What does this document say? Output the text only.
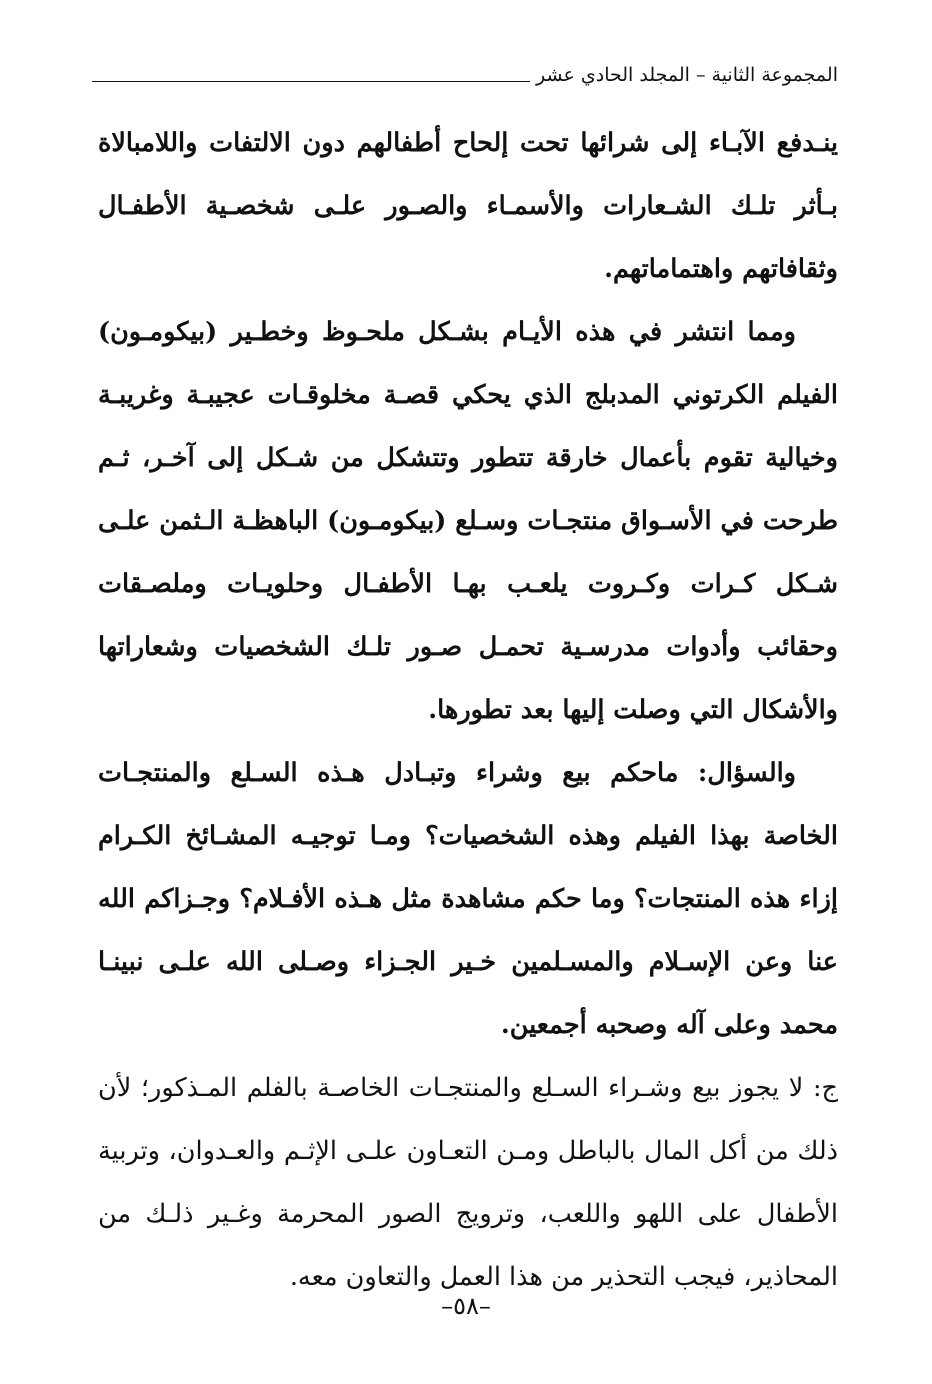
المجموعة الثانية – المجلد الحادي عشر

ينـدفع الآبـاء إلى شرائها تحت إلحاح أطفالهم دون الالتفات واللامبالاة بـأثر تلـك الشـعارات والأسمـاء والصـور علـى شخصـية الأطفـال وثقافاتهم واهتماماتهم.

ومما انتشر في هذه الأيـام بشـكل ملحـوظ وخطـير (بيكومـون) الفيلم الكرتوني المدبلج الذي يحكي قصـة مخلوقـات عجيبـة وغريبـة وخيالية تقوم بأعمال خارقة تتطور وتتشكل من شـكل إلى آخـر، ثـم طرحت في الأسـواق منتجـات وسـلع (بيكومـون) الباهظـة الـثمن علـى شـكل كـرات وكـروت يلعـب بهـا الأطفـال وحلويـات وملصـقات وحقائب وأدوات مدرسـية تحمـل صـور تلـك الشخصيات وشعاراتها والأشكال التي وصلت إليها بعد تطورها.

والسؤال: ماحكم بيع وشراء وتبـادل هـذه السـلع والمنتجـات الخاصة بهذا الفيلم وهذه الشخصيات؟ ومـا توجيـه المشـائخ الكـرام إزاء هذه المنتجات؟ وما حكم مشاهدة مثل هـذه الأفـلام؟ وجـزاكم الله عنا وعن الإسـلام والمسـلمين خـير الجـزاء وصـلى الله علـى نبينـا محمد وعلى آله وصحبه أجمعين.

ج: لا يجوز بيع وشـراء السـلع والمنتجـات الخاصـة بالفلم المـذكور؛ لأن ذلك من أكل المال بالباطل ومـن التعـاون علـى الإثـم والعـدوان، وتربية الأطفال على اللهو واللعب، وترويج الصور المحرمة وغـير ذلـك من المحاذير، فيجب التحذير من هذا العمل والتعاون معه.

–٥٨–
